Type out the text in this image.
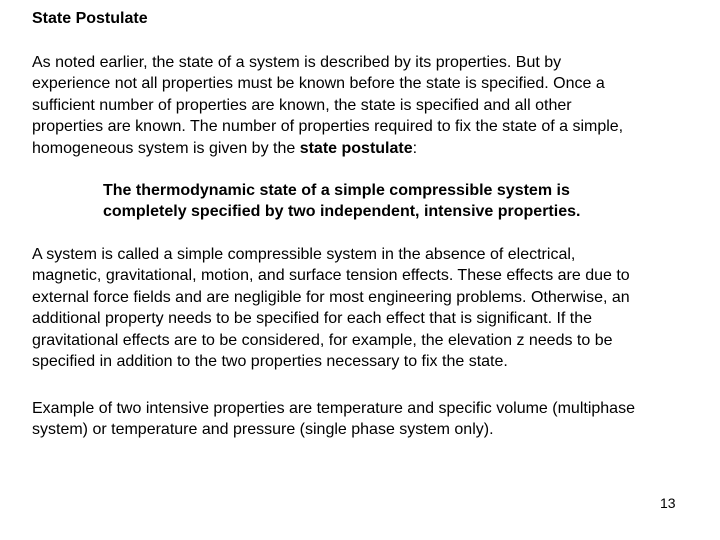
State Postulate

As noted earlier, the state of a system is described by its properties. But by
experience not all properties must be known before the state is specified. Once a
sufficient number of properties are known, the state is specified and all other
properties are known. The number of properties required to fix the state of a simple,
homogeneous system is given by the state postulate:

The thermodynamic state of a simple compressible system is
completely specified by two independent, intensive properties.

A system is called a simple compressible system in the absence of electrical,
magnetic, gravitational, motion, and surface tension effects. These effects are due to
external force fields and are negligible for most engineering problems. Otherwise, an
additional property needs to be specified for each effect that is significant. If the
gravitational effects are to be considered, for example, the elevation z needs to be
specified in addition to the two properties necessary to fix the state.

Example of two intensive properties are temperature and specific volume (multiphase
system) or temperature and pressure (single phase system only).

13
